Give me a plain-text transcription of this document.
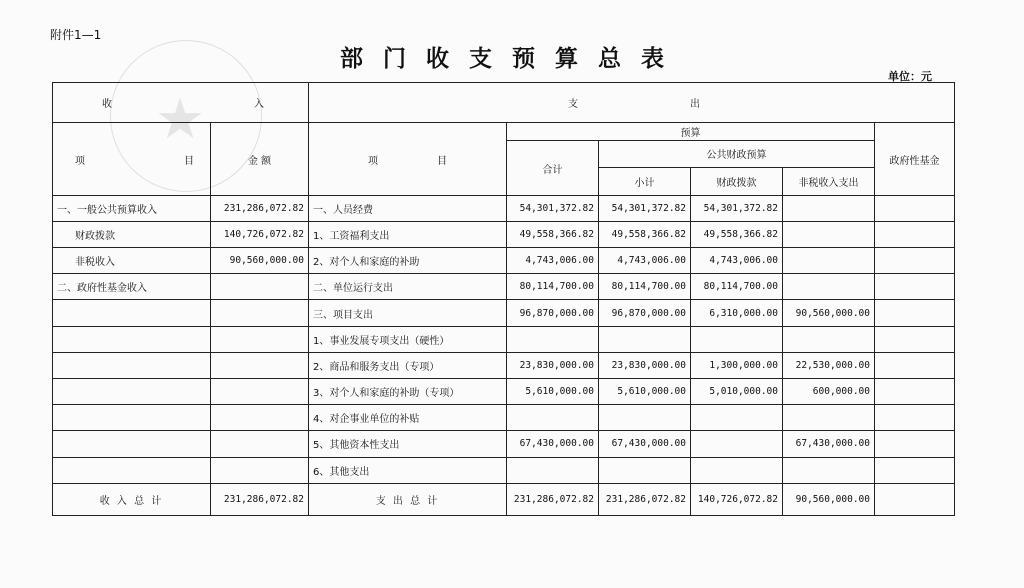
附件1—1
部门收支预算总表
单位：元
★
收 入		支 出					

项 目	金 额	项 目	预算				政府性基金
			合计	公共财政预算			
				小计	财政拨款	非税收入支出	
一、一般公共预算收入	231,286,072.82	一、人员经费	54,301,372.82	54,301,372.82	54,301,372.82		
财政拨款	140,726,072.82	1、工资福利支出	49,558,366.82	49,558,366.82	49,558,366.82		
非税收入	90,560,000.00	2、对个人和家庭的补助	4,743,006.00	4,743,006.00	4,743,006.00		
二、政府性基金收入		二、单位运行支出	80,114,700.00	80,114,700.00	80,114,700.00		
		三、项目支出	96,870,000.00	96,870,000.00	6,310,000.00	90,560,000.00	
		1、事业发展专项支出（硬性）					
		2、商品和服务支出（专项）	23,830,000.00	23,830,000.00	1,300,000.00	22,530,000.00	
		3、对个人和家庭的补助（专项）	5,610,000.00	5,610,000.00	5,010,000.00	600,000.00	
		4、对企事业单位的补贴					
		5、其他资本性支出	67,430,000.00	67,430,000.00		67,430,000.00	
		6、其他支出					
收 入 总 计	231,286,072.82	支 出 总 计	231,286,072.82	231,286,072.82	140,726,072.82	90,560,000.00	
